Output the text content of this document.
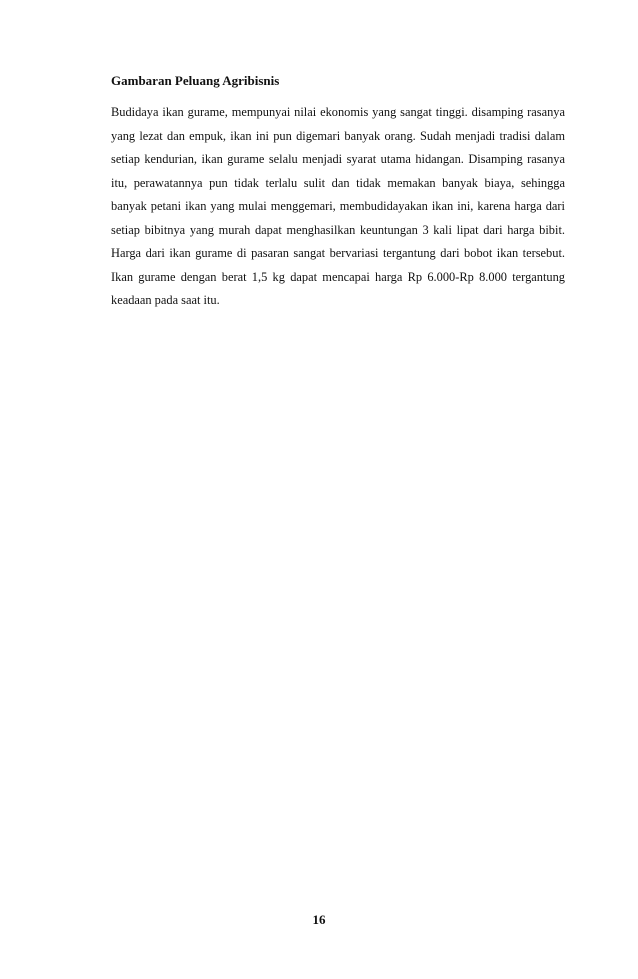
Gambaran Peluang Agribisnis

Budidaya ikan gurame, mempunyai nilai ekonomis yang sangat tinggi. disamping rasanya yang lezat dan empuk, ikan ini pun digemari banyak orang. Sudah menjadi tradisi dalam setiap kendurian, ikan gurame selalu menjadi syarat utama hidangan. Disamping rasanya itu, perawatannya pun tidak terlalu sulit dan tidak memakan banyak biaya, sehingga banyak petani ikan yang mulai menggemari, membudidayakan ikan ini, karena harga dari setiap bibitnya yang murah dapat menghasilkan keuntungan 3 kali lipat dari harga bibit. Harga dari ikan gurame di pasaran sangat bervariasi tergantung dari bobot ikan tersebut. Ikan gurame dengan berat 1,5 kg dapat mencapai harga Rp 6.000-Rp 8.000 tergantung keadaan pada saat itu.

16
